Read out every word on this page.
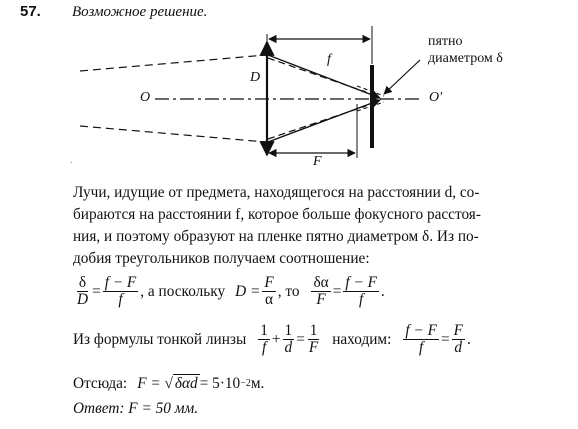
57. Возможное решение.
.
D
f
F
O	O′
пятно
диаметром δ
Лучи, идущие от предмета, находящегося на расстоянии d, со-
бираются на расстоянии f, которое больше фокусного расстоя-
ния, и поэтому образуют на пленке пятно диаметром δ. Из по-
добия треугольников получаем соотношение:
$\frac{\delta}{D} = \frac{f - F}{f}$ , а поскольку $D = \frac{F}{\alpha}$ , то $\frac{\delta\alpha}{F} = \frac{f - F}{f}$ .
Из формулы тонкой линзы $\frac{1}{f} + \frac{1}{d} = \frac{1}{F}$ находим: $\frac{f - F}{f} = \frac{F}{d}$ .
Отсюда: F = √ δαd = 5·10 −2 м.
Ответ: F = 50 мм.
